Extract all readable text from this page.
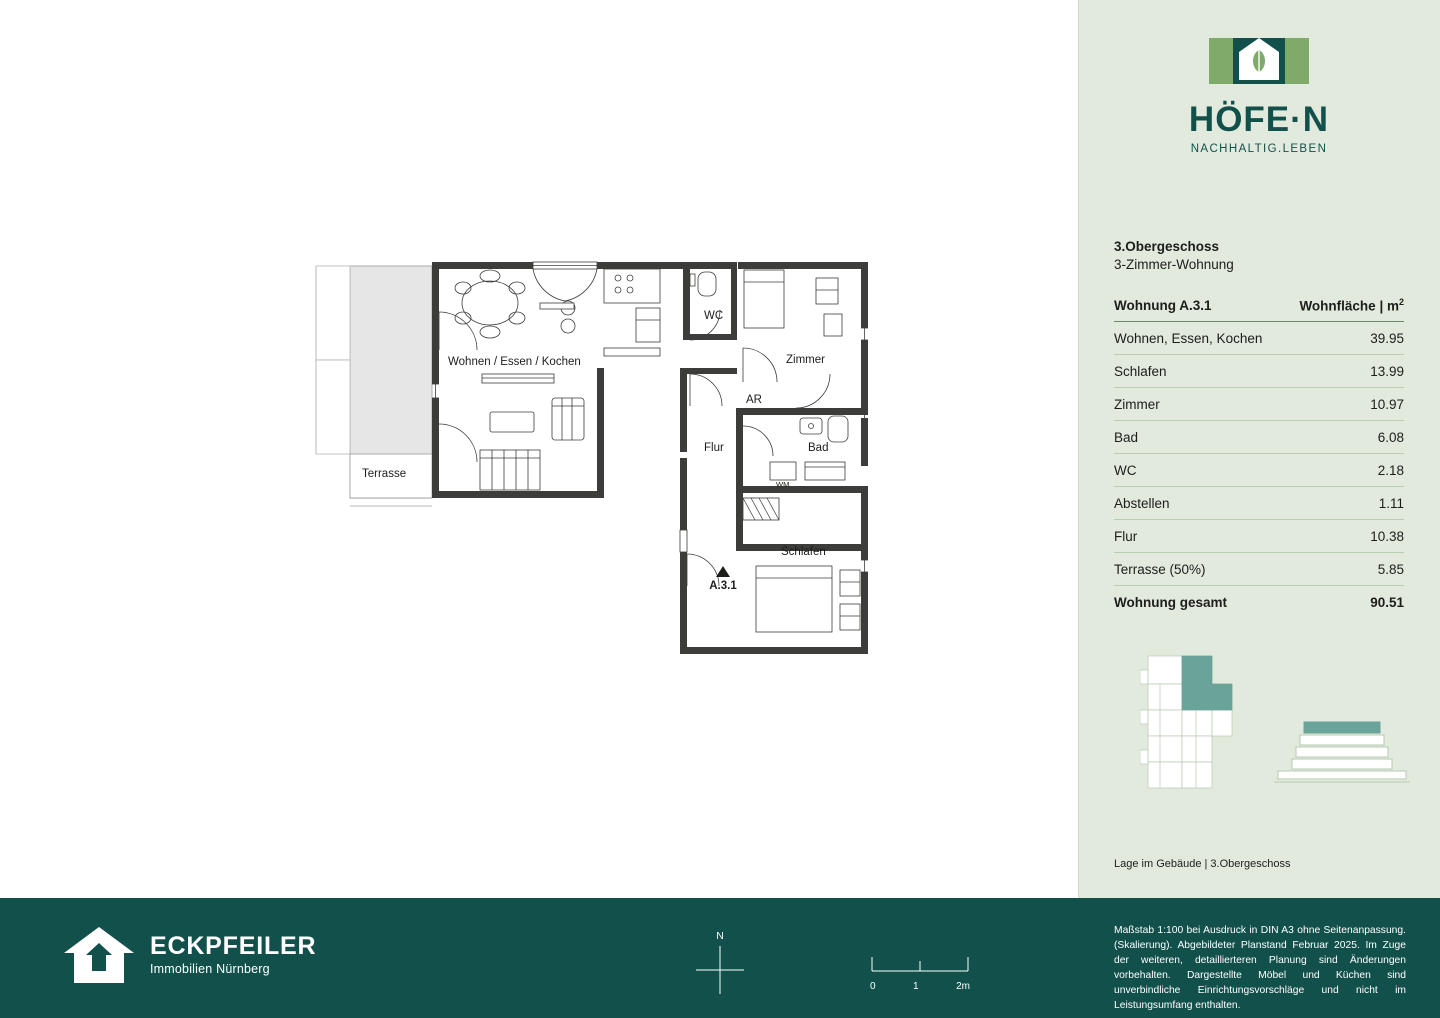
Terrasse
Wohnen / Essen / Kochen
WC
Zimmer
AR
Flur	Bad
WM
Schlafen
A.3.1
HÖFE·N
NACHHALTIG.LEBEN
3.Obergeschoss
3-Zimmer-Wohnung
Wohnung A.3.1	Wohnfläche | $m^2$
Wohnen, Essen, Kochen	39.95
Schlafen	13.99
Zimmer	10.97
Bad	6.08
WC	2.18
Abstellen	1.11
Flur	10.38
Terrasse (50%)	5.85
Wohnung gesamt	90.51
Lage im Gebäude | 3.Obergeschoss
ECKPFEILER
Immobilien Nürnberg
N
0	1	2m
Maßstab 1:100 bei Ausdruck in DIN A3 ohne Seitenanpassung. (Skalierung). Abgebildeter Planstand Februar 2025. Im Zuge der weiteren, detaillierteren Planung sind Änderungen vorbehalten. Dargestellte Möbel und Küchen sind unverbindliche Einrichtungsvorschläge und nicht im Leistungsumfang enthalten.
